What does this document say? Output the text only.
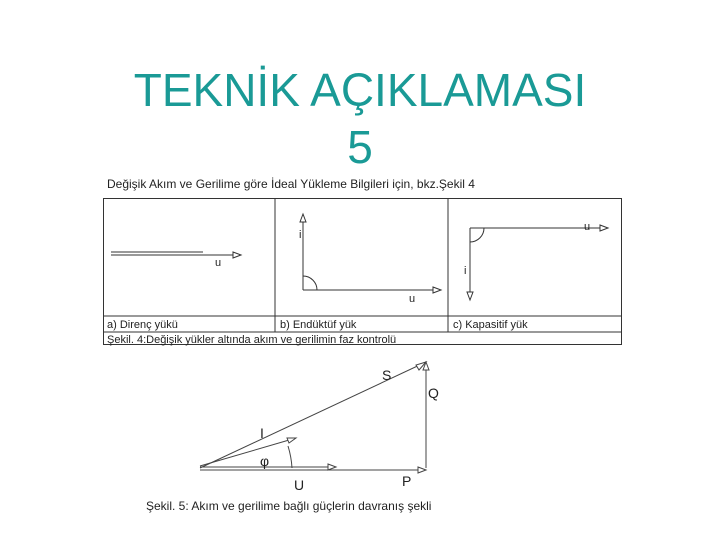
TEKNİK AÇIKLAMASI
5
Değişik Akım ve Gerilime göre İdeal Yükleme Bilgileri için, bkz.Şekil 4
u
i
u
u
i
a) Direnç yükü	b) Endüktüf yük	c) Kapasitif yük
Şekil. 4:Değişik yükler altında akım ve gerilimin faz kontrolü
S
Q
I
φ
U	P
Şekil. 5: Akım ve gerilime bağlı güçlerin davranış şekli
